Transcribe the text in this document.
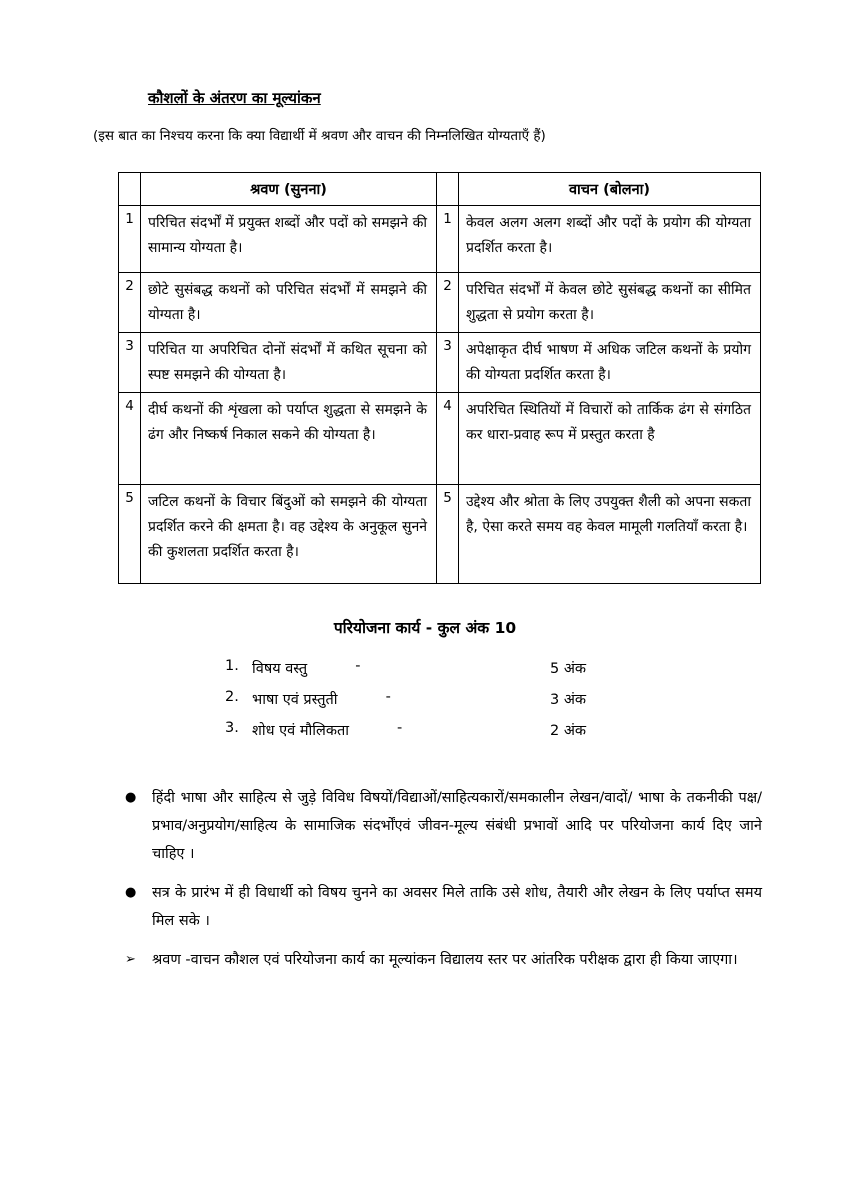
कौशलों के अंतरण का मूल्यांकन

(इस बात का निश्चय करना कि क्या विद्यार्थी में श्रवण और वाचन की निम्नलिखित योग्यताएँ हैं)

	श्रवण (सुनना)		वाचन (बोलना)
1	परिचित संदर्भों में प्रयुक्त शब्दों और पदों को समझने की सामान्य योग्यता है।	1	केवल अलग अलग शब्दों और पदों के प्रयोग की योग्यता प्रदर्शित करता है।
2	छोटे सुसंबद्ध कथनों को परिचित संदर्भों में समझने की योग्यता है।	2	परिचित संदर्भों में केवल छोटे सुसंबद्ध कथनों का सीमित शुद्धता से प्रयोग करता है।
3	परिचित या अपरिचित दोनों संदर्भों में कथित सूचना को स्पष्ट समझने की योग्यता है।	3	अपेक्षाकृत दीर्घ भाषण में अधिक जटिल कथनों के प्रयोग की योग्यता प्रदर्शित करता है।
4	दीर्घ कथनों की शृंखला को पर्याप्त शुद्धता से समझने के ढंग और निष्कर्ष निकाल सकने की योग्यता है।	4	अपरिचित स्थितियों में विचारों को तार्किक ढंग से संगठित कर धारा-प्रवाह रूप में प्रस्तुत करता है
5	जटिल कथनों के विचार बिंदुओं को समझने की योग्यता प्रदर्शित करने की क्षमता है। वह उद्देश्य के अनुकूल सुनने की कुशलता प्रदर्शित करता है।	5	उद्देश्य और श्रोता के लिए उपयुक्त शैली को अपना सकता है, ऐसा करते समय वह केवल मामूली गलतियाँ करता है।
परियोजना कार्य - कुल अंक 10
1. विषय वस्तु	-	5 अंक
2. भाषा एवं प्रस्तुती	-	3 अंक
3. शोध एवं मौलिकता	-	2 अंक
●	हिंदी भाषा और साहित्य से जुड़े विविध विषयों/विद्याओं/साहित्यकारों/समकालीन लेखन/वादों/ भाषा के तकनीकी पक्ष/प्रभाव/अनुप्रयोग/साहित्य के सामाजिक संदर्भोंएवं जीवन-मूल्य संबंधी प्रभावों आदि पर परियोजना कार्य दिए जाने चाहिए ।
●	सत्र के प्रारंभ में ही विधार्थी को विषय चुनने का अवसर मिले ताकि उसे शोध, तैयारी और लेखन के लिए पर्याप्त समय मिल सके ।
➢	श्रवण -वाचन कौशल एवं परियोजना कार्य का मूल्यांकन विद्यालय स्तर पर आंतरिक परीक्षक द्वारा ही किया जाएगा।
